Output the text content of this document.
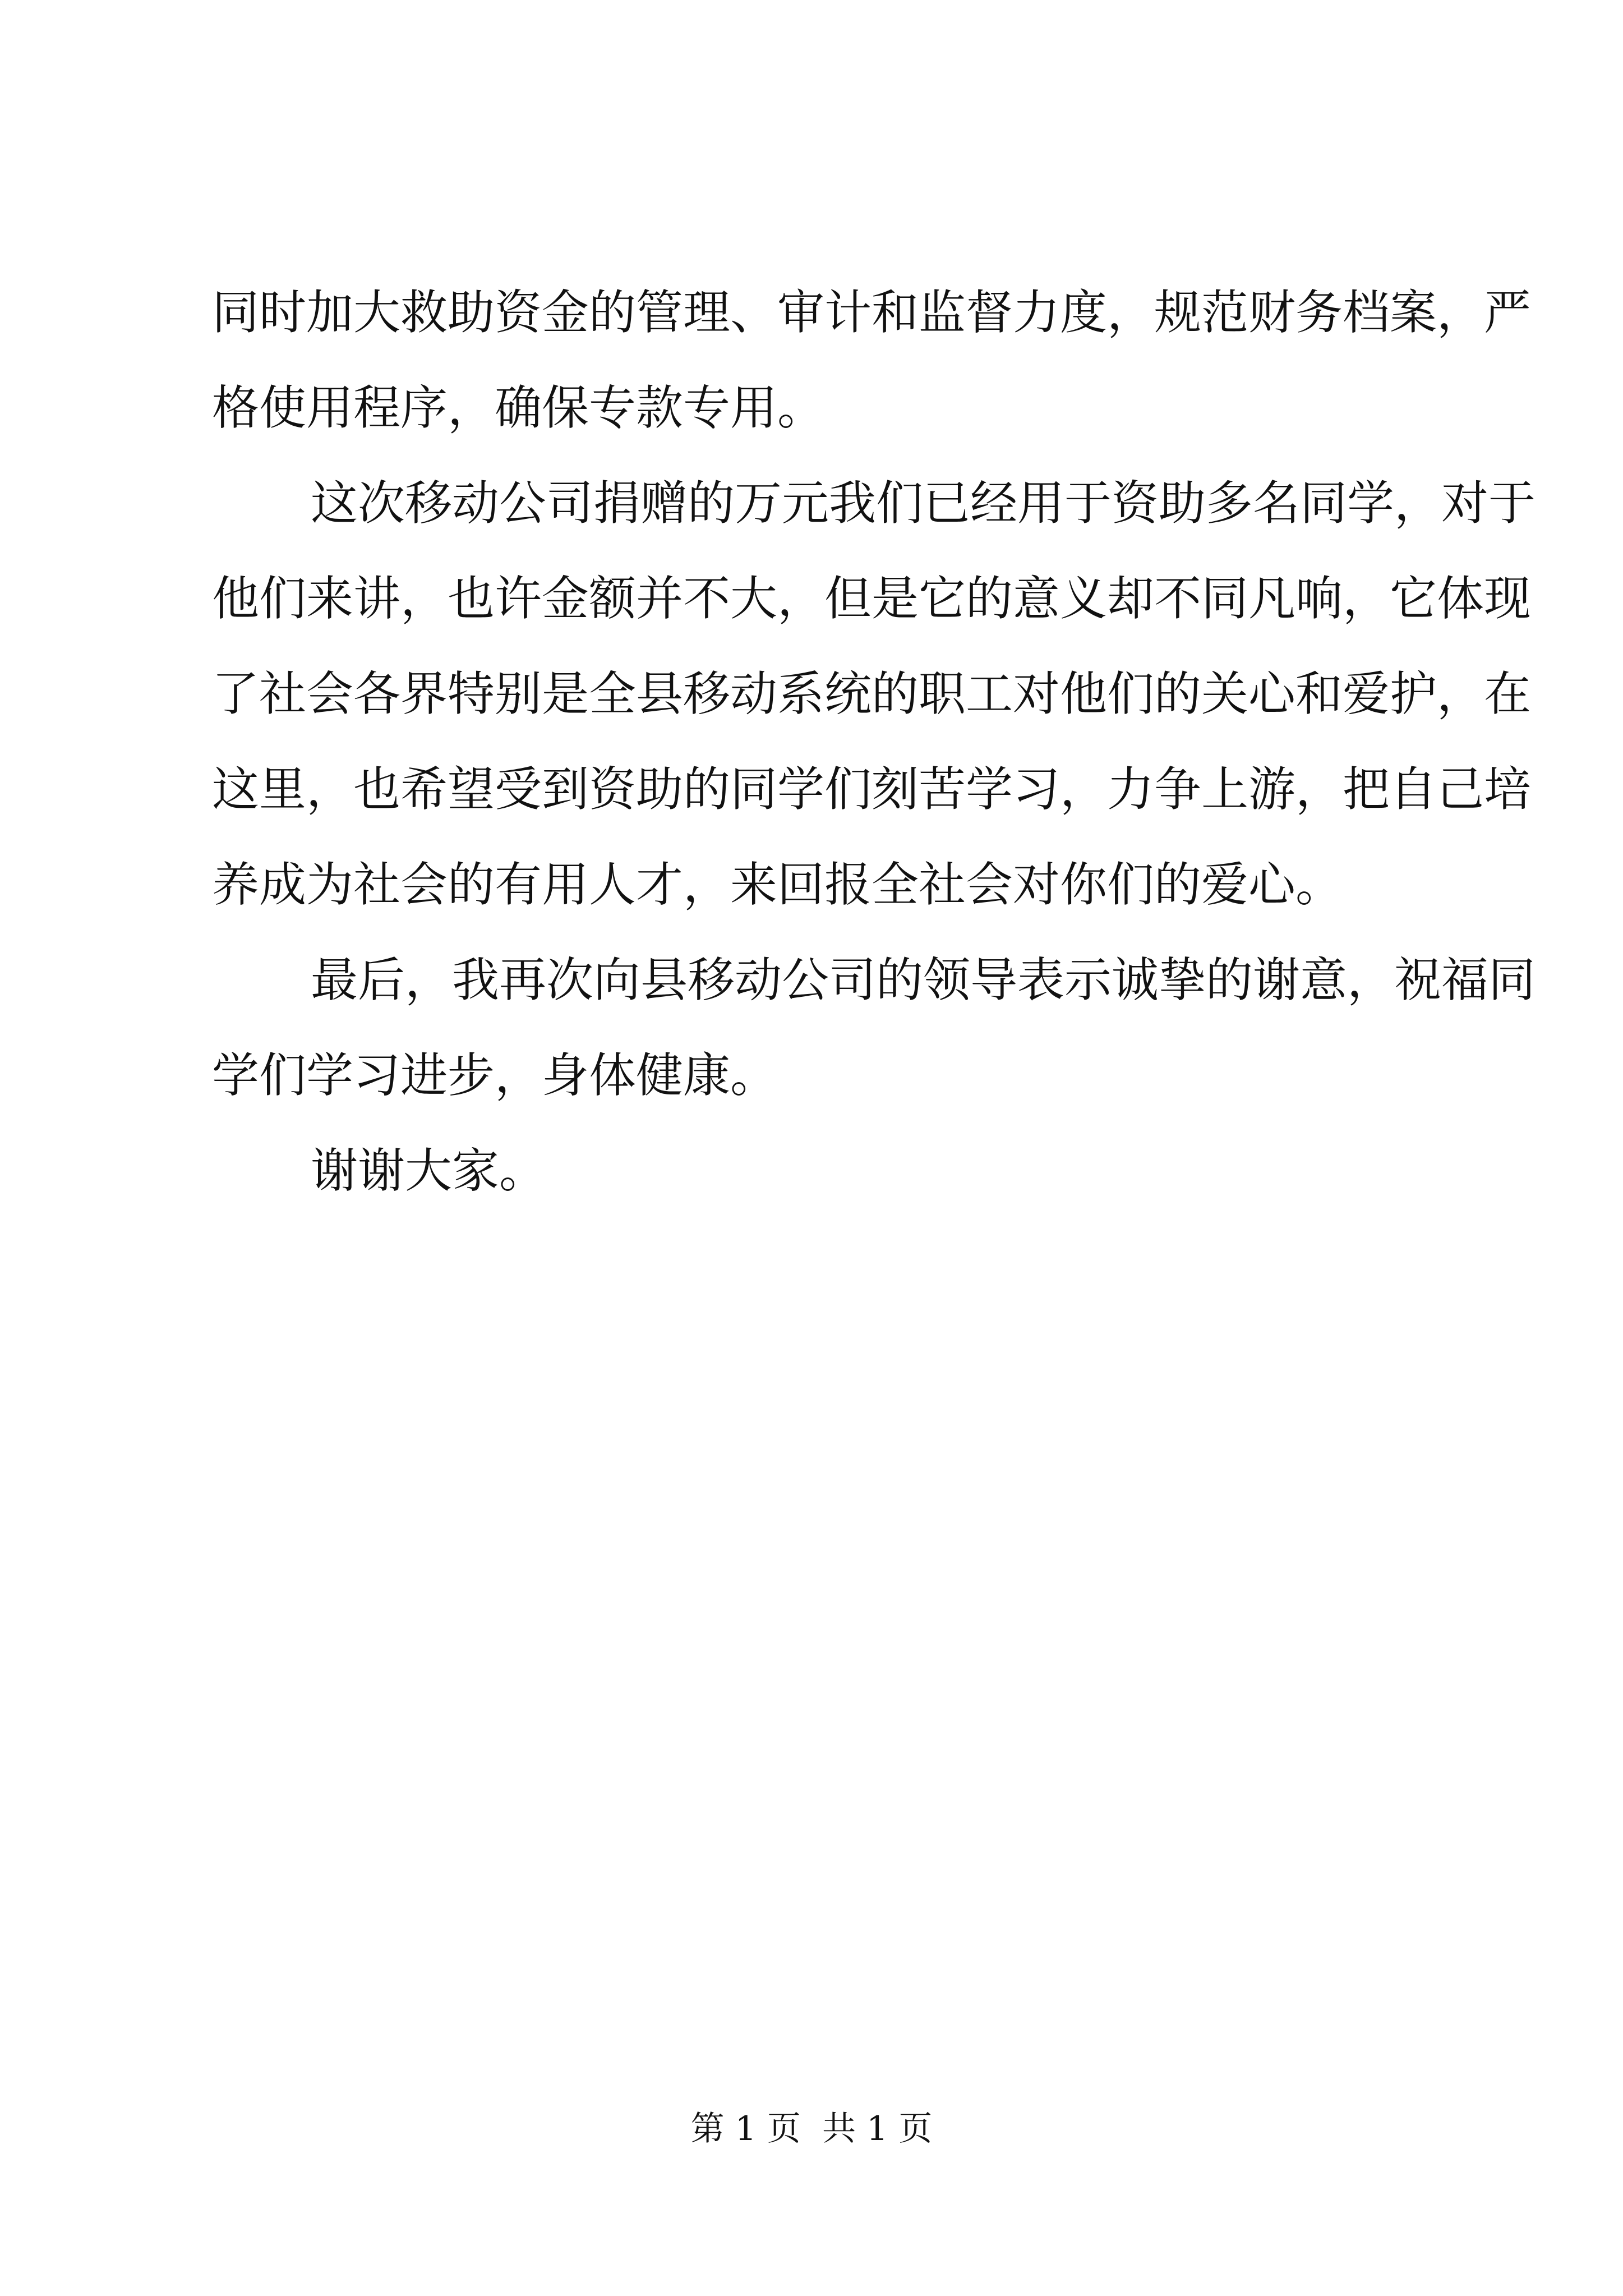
同时加大救助资金的管理、审计和监督力度，规范财务档案，严
格使用程序，确保专款专用。
这次移动公司捐赠的万元我们已经用于资助多名同学，对于
他们来讲，也许金额并不大，但是它的意义却不同凡响，它体现
了社会各界特别是全县移动系统的职工对他们的关心和爱护，在
这里，也希望受到资助的同学们刻苦学习，力争上游，把自己培
养成为社会的有用人才，来回报全社会对你们的爱心。
最后，我再次向县移动公司的领导表示诚挚的谢意，祝福同
学们学习进步，身体健康。
谢谢大家。
第 1 页  共 1 页
